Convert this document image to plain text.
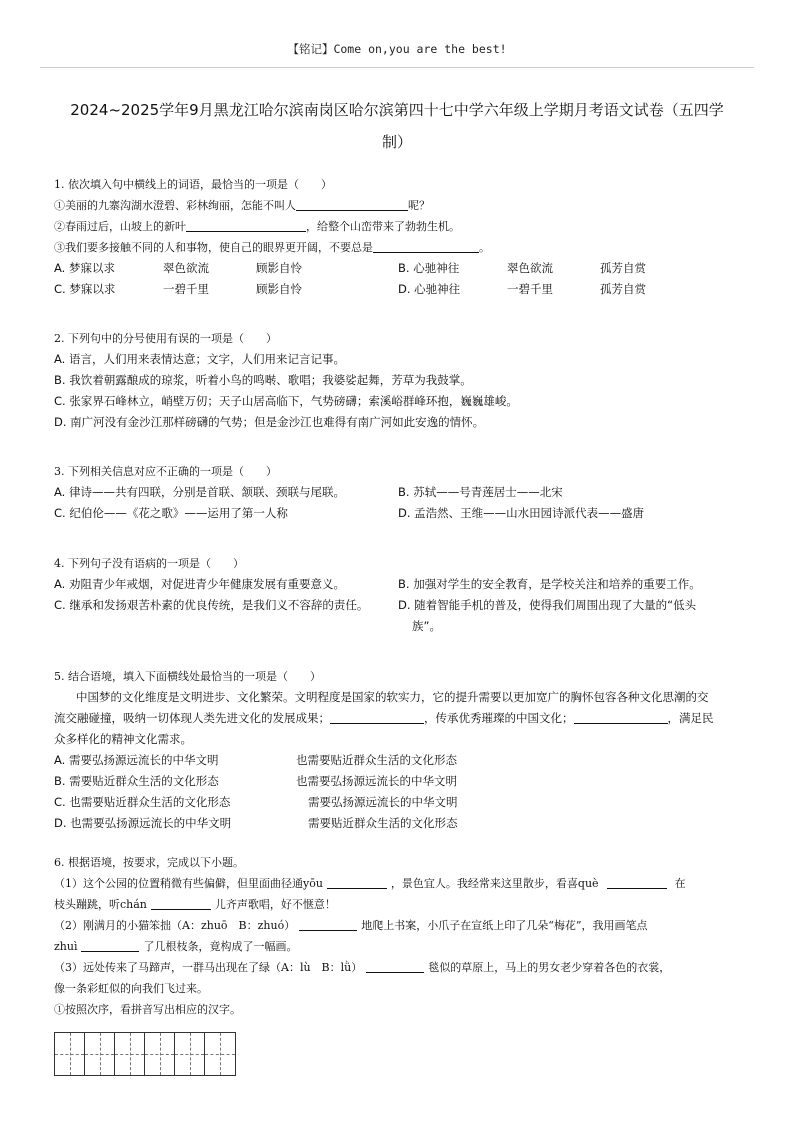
【铭记】Come on,you are the best!
2024~2025学年9月黑龙江哈尔滨南岗区哈尔滨第四十七中学六年级上学期月考语文试卷（五四学
制）
1. 依次填入句中横线上的词语，最恰当的一项是（　　）
①美丽的九寨沟湖水澄碧、彩林绚丽，怎能不叫人	呢？
②春雨过后，山坡上的新叶	，给整个山峦带来了勃勃生机。
③我们要多接触不同的人和事物，使自己的眼界更开阔，不要总是	。
A. 梦寐以求	翠色欲流	顾影自怜	B. 心驰神往	翠色欲流	孤芳自赏
C. 梦寐以求	一碧千里	顾影自怜	D. 心驰神往	一碧千里	孤芳自赏
2. 下列句中的分号使用有误的一项是（　　）
A. 语言，人们用来表情达意；文字，人们用来记言记事。
B. 我饮着朝露酿成的琼浆，听着小鸟的鸣啭、歌唱；我婆娑起舞，芳草为我鼓掌。
C. 张家界石峰林立，峭壁万仞；天子山居高临下，气势磅礴；索溪峪群峰环抱，巍巍雄峻。
D. 南广河没有金沙江那样磅礴的气势；但是金沙江也难得有南广河如此安逸的情怀。
3. 下列相关信息对应不正确的一项是（　　）
A. 律诗——共有四联，分别是首联、颔联、颈联与尾联。	B. 苏轼——号青莲居士——北宋
C. 纪伯伦——《花之歌》——运用了第一人称	D. 孟浩然、王维——山水田园诗派代表——盛唐
4. 下列句子没有语病的一项是（　　）
A. 劝阻青少年戒烟，对促进青少年健康发展有重要意义。	B. 加强对学生的安全教育，是学校关注和培养的重要工作。
C. 继承和发扬艰苦朴素的优良传统，是我们义不容辞的责任。	D. 随着智能手机的普及，使得我们周围出现了大量的“低头
族”。
5. 结合语境，填入下面横线处最恰当的一项是（　　）
中国梦的文化维度是文明进步、文化繁荣。文明程度是国家的软实力，它的提升需要以更加宽广的胸怀包容各种文化思潮的交
流交融碰撞，吸纳一切体现人类先进文化的发展成果；	，传承优秀璀璨的中国文化；	，满足民
众多样化的精神文化需求。
A. 需要弘扬源远流长的中华文明	也需要贴近群众生活的文化形态
B. 需要贴近群众生活的文化形态	也需要弘扬源远流长的中华文明
C. 也需要贴近群众生活的文化形态	需要弘扬源远流长的中华文明
D. 也需要弘扬源远流长的中华文明	需要贴近群众生活的文化形态
6. 根据语境，按要求，完成以下小题。
（1）这个公园的位置稍微有些偏僻，但里面曲径通yōu	，景色宜人。我经常来这里散步，看喜què	在
枝头蹦跳，听chán	儿齐声歌唱，好不惬意！
（2）刚满月的小猫笨拙（A：zhuō　B：zhuó）	地爬上书案，小爪子在宣纸上印了几朵“梅花”，我用画笔点
zhuì	了几根枝条，竟构成了一幅画。
（3）远处传来了马蹄声，一群马出现在了绿（A：lù　B：lǜ）	毯似的草原上，马上的男女老少穿着各色的衣裳，
像一条彩虹似的向我们飞过来。
①按照次序，看拼音写出相应的汉字。
